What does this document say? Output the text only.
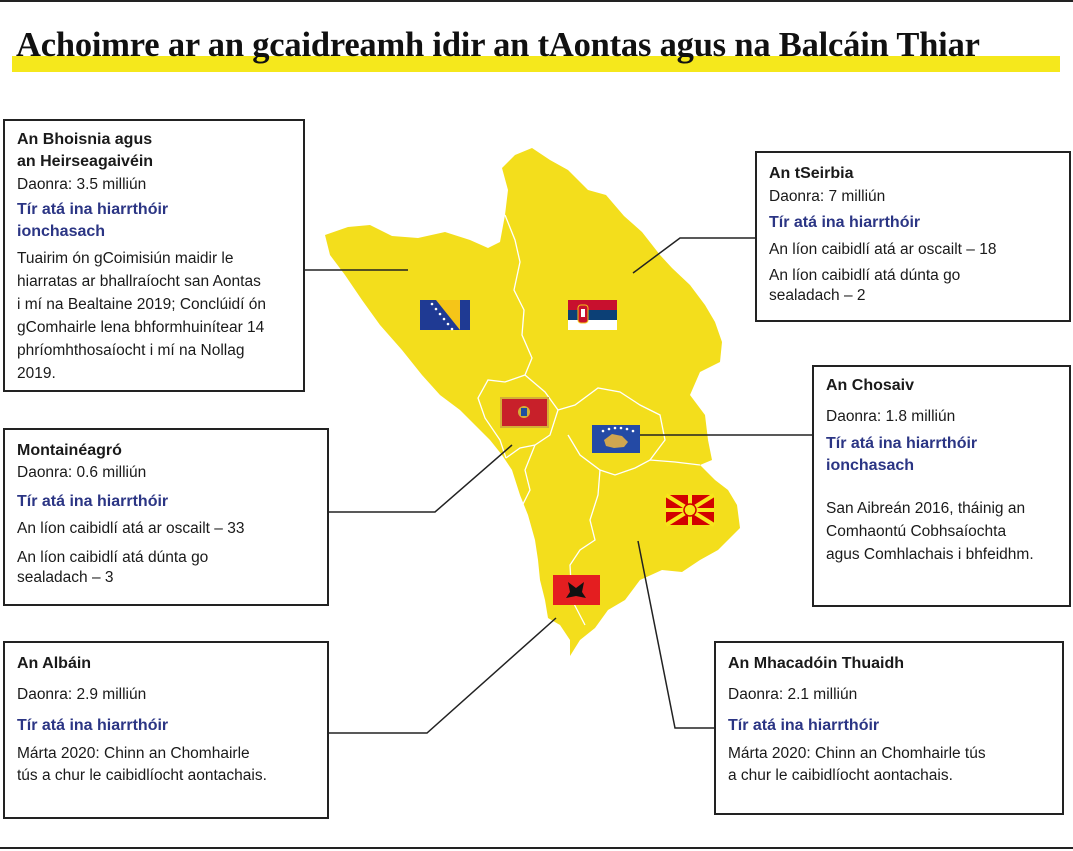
Achoimre ar an gcaidreamh idir an tAontas agus na Balcáin Thiar

An Bhoisnia agus

an Heirseagaivéin

Daonra: 3.5 milliún

Tír atá ina hiarrthóir

ionchasach

Tuairim ón gCoimisiún maidir le

hiarratas ar bhallraíocht san Aontas

i mí na Bealtaine 2019; Conclúidí ón

gComhairle lena bhformhuinítear 14

phríomhthosaíocht i mí na Nollag

2019.

An tSeirbia

Daonra: 7 milliún

Tír atá ina hiarrthóir

An líon caibidlí atá ar oscailt – 18

An líon caibidlí atá dúnta go

sealadach – 2

Montainéagró

Daonra: 0.6 milliún

Tír atá ina hiarrthóir

An líon caibidlí atá ar oscailt – 33

An líon caibidlí atá dúnta go

sealadach – 3

An Chosaiv

Daonra: 1.8 milliún

Tír atá ina hiarrthóir

ionchasach

San Aibreán 2016, tháinig an

Comhaontú Cobhsaíochta

agus Comhlachais i bhfeidhm.

An Albáin

Daonra: 2.9 milliún

Tír atá ina hiarrthóir

Márta 2020: Chinn an Chomhairle

tús a chur le caibidlíocht aontachais.

An Mhacadóin Thuaidh

Daonra: 2.1 milliún

Tír atá ina hiarrthóir

Márta 2020: Chinn an Chomhairle tús

a chur le caibidlíocht aontachais.
